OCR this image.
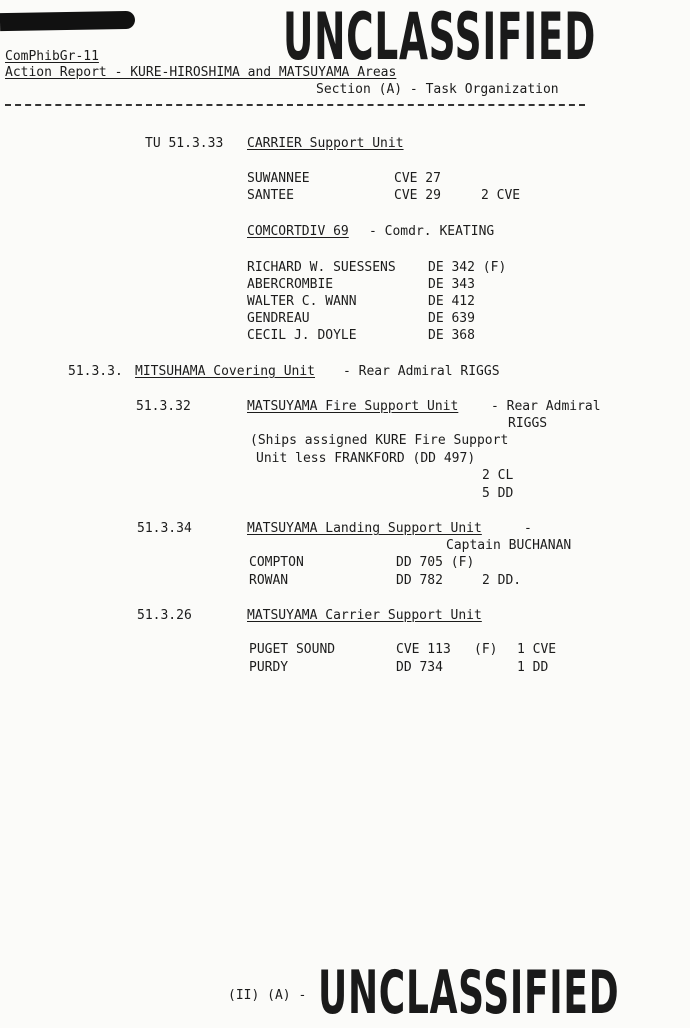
UNCLASSIFIED
ComPhibGr-11
Action Report - KURE-HIROSHIMA and MATSUYAMA Areas
Section (A) - Task Organization
TU 51.3.33 CARRIER Support Unit
SUWANNEE	CVE 27
SANTEE	CVE 29	2 CVE
COMCORTDIV 69 - Comdr. KEATING
RICHARD W. SUESSENS DE 342 (F)
ABERCROMBIE	DE 343
WALTER C. WANN	DE 412
GENDREAU	DE 639
CECIL J. DOYLE	DE 368
51.3.3. MITSUHAMA Covering Unit - Rear Admiral RIGGS
51.3.32	MATSUYAMA Fire Support Unit	- Rear Admiral
RIGGS
(Ships assigned KURE Fire Support
Unit less FRANKFORD (DD 497)
2 CL
5 DD
51.3.34	MATSUYAMA Landing Support Unit	-
Captain BUCHANAN
COMPTON	DD 705 (F)
ROWAN	DD 782	2 DD.
51.3.26	MATSUYAMA Carrier Support Unit
PUGET SOUND	CVE 113 (F) 1 CVE
PURDY	DD 734	1 DD
(II) (A) - UNCLASSIFIED
